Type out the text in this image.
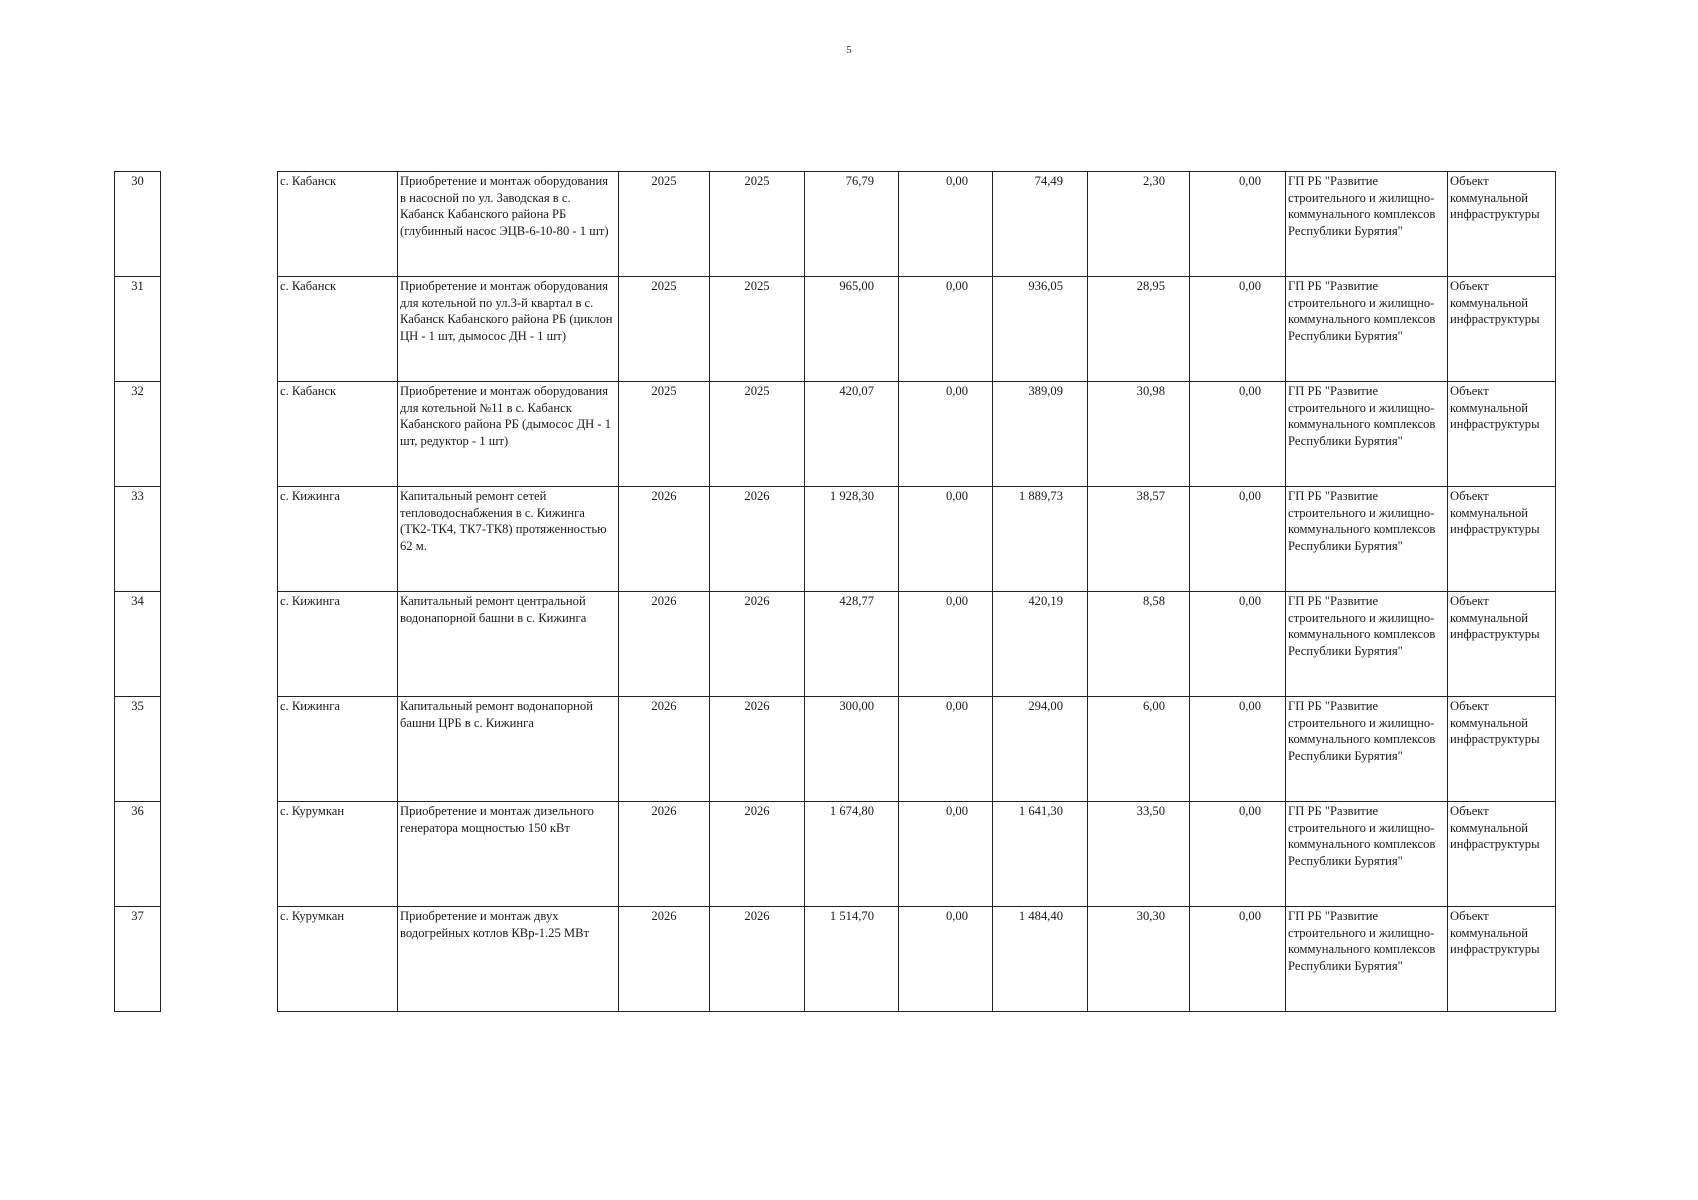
5
30		с. Кабанск	Приобретение и монтаж оборудования в насосной по ул. Заводская в с. Кабанск Кабанского района РБ (глубинный насос ЭЦВ-6-10-80 - 1 шт)	2025	2025	76,79	0,00	74,49	2,30	0,00	ГП РБ "Развитие строительного и жилищно-коммунального комплексов Республики Бурятия"	Объект коммунальной инфраструктуры
31		с. Кабанск	Приобретение и монтаж оборудования для котельной по ул.3-й квартал в с. Кабанск Кабанского района РБ (циклон ЦН - 1 шт, дымосос ДН - 1 шт)	2025	2025	965,00	0,00	936,05	28,95	0,00	ГП РБ "Развитие строительного и жилищно-коммунального комплексов Республики Бурятия"	Объект коммунальной инфраструктуры
32		с. Кабанск	Приобретение и монтаж оборудования для котельной №11 в с. Кабанск Кабанского района РБ (дымосос ДН - 1 шт, редуктор - 1 шт)	2025	2025	420,07	0,00	389,09	30,98	0,00	ГП РБ "Развитие строительного и жилищно-коммунального комплексов Республики Бурятия"	Объект коммунальной инфраструктуры
33		с. Кижинга	Капитальный ремонт сетей тепловодоснабжения в с. Кижинга (ТК2-ТК4, ТК7-ТК8) протяженностью 62 м.	2026	2026	1 928,30	0,00	1 889,73	38,57	0,00	ГП РБ "Развитие строительного и жилищно-коммунального комплексов Республики Бурятия"	Объект коммунальной инфраструктуры
34		с. Кижинга	Капитальный ремонт центральной водонапорной башни в с. Кижинга	2026	2026	428,77	0,00	420,19	8,58	0,00	ГП РБ "Развитие строительного и жилищно-коммунального комплексов Республики Бурятия"	Объект коммунальной инфраструктуры
35		с. Кижинга	Капитальный ремонт водонапорной башни ЦРБ в с. Кижинга	2026	2026	300,00	0,00	294,00	6,00	0,00	ГП РБ "Развитие строительного и жилищно-коммунального комплексов Республики Бурятия"	Объект коммунальной инфраструктуры
36		с. Курумкан	Приобретение и монтаж дизельного генератора мощностью 150 кВт	2026	2026	1 674,80	0,00	1 641,30	33,50	0,00	ГП РБ "Развитие строительного и жилищно-коммунального комплексов Республики Бурятия"	Объект коммунальной инфраструктуры
37		с. Курумкан	Приобретение и монтаж двух водогрейных котлов КВр-1.25 МВт	2026	2026	1 514,70	0,00	1 484,40	30,30	0,00	ГП РБ "Развитие строительного и жилищно-коммунального комплексов Республики Бурятия"	Объект коммунальной инфраструктуры
